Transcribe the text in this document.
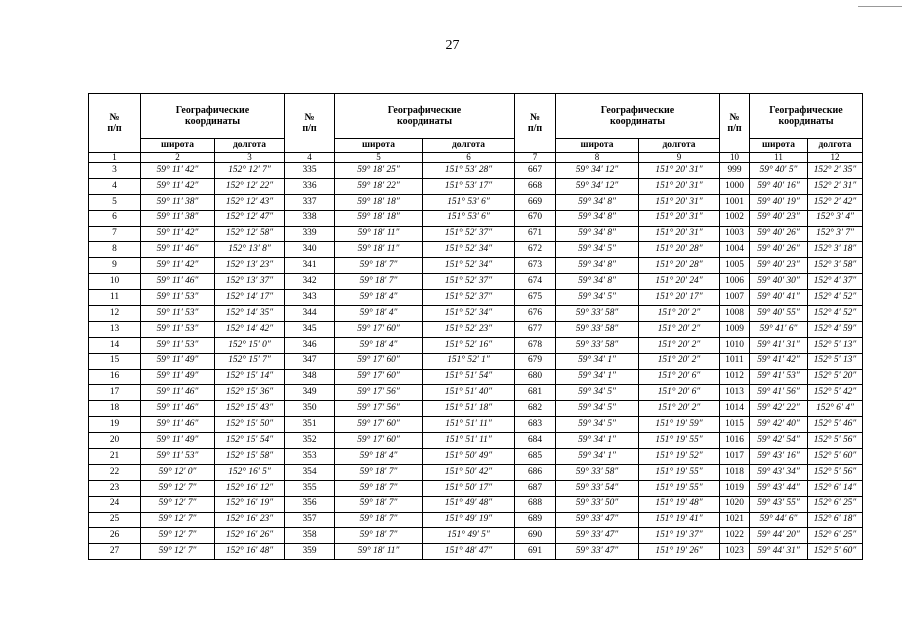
27
№
п/п	Географические
координаты		№
п/п	Географические
координаты		№
п/п	Географические
координаты		№
п/п	Географические
координаты	
	широта	долгота		широта	долгота		широта	долгота		широта	долгота
1	2	3	4	5	6	7	8	9	10	11	12
3	59° 11′ 42″	152° 12′ 7″	335	59° 18′ 25″	151° 53′ 28″	667	59° 34′ 12″	151° 20′ 31″	999	59° 40′ 5″	152° 2′ 35″
4	59° 11′ 42″	152° 12′ 22″	336	59° 18′ 22″	151° 53′ 17″	668	59° 34′ 12″	151° 20′ 31″	1000	59° 40′ 16″	152° 2′ 31″
5	59° 11′ 38″	152° 12′ 43″	337	59° 18′ 18″	151° 53′ 6″	669	59° 34′ 8″	151° 20′ 31″	1001	59° 40′ 19″	152° 2′ 42″
6	59° 11′ 38″	152° 12′ 47″	338	59° 18′ 18″	151° 53′ 6″	670	59° 34′ 8″	151° 20′ 31″	1002	59° 40′ 23″	152° 3′ 4″
7	59° 11′ 42″	152° 12′ 58″	339	59° 18′ 11″	151° 52′ 37″	671	59° 34′ 8″	151° 20′ 31″	1003	59° 40′ 26″	152° 3′ 7″
8	59° 11′ 46″	152° 13′ 8″	340	59° 18′ 11″	151° 52′ 34″	672	59° 34′ 5″	151° 20′ 28″	1004	59° 40′ 26″	152° 3′ 18″
9	59° 11′ 42″	152° 13′ 23″	341	59° 18′ 7″	151° 52′ 34″	673	59° 34′ 8″	151° 20′ 28″	1005	59° 40′ 23″	152° 3′ 58″
10	59° 11′ 46″	152° 13′ 37″	342	59° 18′ 7″	151° 52′ 37″	674	59° 34′ 8″	151° 20′ 24″	1006	59° 40′ 30″	152° 4′ 37″
11	59° 11′ 53″	152° 14′ 17″	343	59° 18′ 4″	151° 52′ 37″	675	59° 34′ 5″	151° 20′ 17″	1007	59° 40′ 41″	152° 4′ 52″
12	59° 11′ 53″	152° 14′ 35″	344	59° 18′ 4″	151° 52′ 34″	676	59° 33′ 58″	151° 20′ 2″	1008	59° 40′ 55″	152° 4′ 52″
13	59° 11′ 53″	152° 14′ 42″	345	59° 17′ 60″	151° 52′ 23″	677	59° 33′ 58″	151° 20′ 2″	1009	59° 41′ 6″	152° 4′ 59″
14	59° 11′ 53″	152° 15′ 0″	346	59° 18′ 4″	151° 52′ 16″	678	59° 33′ 58″	151° 20′ 2″	1010	59° 41′ 31″	152° 5′ 13″
15	59° 11′ 49″	152° 15′ 7″	347	59° 17′ 60″	151° 52′ 1″	679	59° 34′ 1″	151° 20′ 2″	1011	59° 41′ 42″	152° 5′ 13″
16	59° 11′ 49″	152° 15′ 14″	348	59° 17′ 60″	151° 51′ 54″	680	59° 34′ 1″	151° 20′ 6″	1012	59° 41′ 53″	152° 5′ 20″
17	59° 11′ 46″	152° 15′ 36″	349	59° 17′ 56″	151° 51′ 40″	681	59° 34′ 5″	151° 20′ 6″	1013	59° 41′ 56″	152° 5′ 42″
18	59° 11′ 46″	152° 15′ 43″	350	59° 17′ 56″	151° 51′ 18″	682	59° 34′ 5″	151° 20′ 2″	1014	59° 42′ 22″	152° 6′ 4″
19	59° 11′ 46″	152° 15′ 50″	351	59° 17′ 60″	151° 51′ 11″	683	59° 34′ 5″	151° 19′ 59″	1015	59° 42′ 40″	152° 5′ 46″
20	59° 11′ 49″	152° 15′ 54″	352	59° 17′ 60″	151° 51′ 11″	684	59° 34′ 1″	151° 19′ 55″	1016	59° 42′ 54″	152° 5′ 56″
21	59° 11′ 53″	152° 15′ 58″	353	59° 18′ 4″	151° 50′ 49″	685	59° 34′ 1″	151° 19′ 52″	1017	59° 43′ 16″	152° 5′ 60″
22	59° 12′ 0″	152° 16′ 5″	354	59° 18′ 7″	151° 50′ 42″	686	59° 33′ 58″	151° 19′ 55″	1018	59° 43′ 34″	152° 5′ 56″
23	59° 12′ 7″	152° 16′ 12″	355	59° 18′ 7″	151° 50′ 17″	687	59° 33′ 54″	151° 19′ 55″	1019	59° 43′ 44″	152° 6′ 14″
24	59° 12′ 7″	152° 16′ 19″	356	59° 18′ 7″	151° 49′ 48″	688	59° 33′ 50″	151° 19′ 48″	1020	59° 43′ 55″	152° 6′ 25″
25	59° 12′ 7″	152° 16′ 23″	357	59° 18′ 7″	151° 49′ 19″	689	59° 33′ 47″	151° 19′ 41″	1021	59° 44′ 6″	152° 6′ 18″
26	59° 12′ 7″	152° 16′ 26″	358	59° 18′ 7″	151° 49′ 5″	690	59° 33′ 47″	151° 19′ 37″	1022	59° 44′ 20″	152° 6′ 25″
27	59° 12′ 7″	152° 16′ 48″	359	59° 18′ 11″	151° 48′ 47″	691	59° 33′ 47″	151° 19′ 26″	1023	59° 44′ 31″	152° 5′ 60″
